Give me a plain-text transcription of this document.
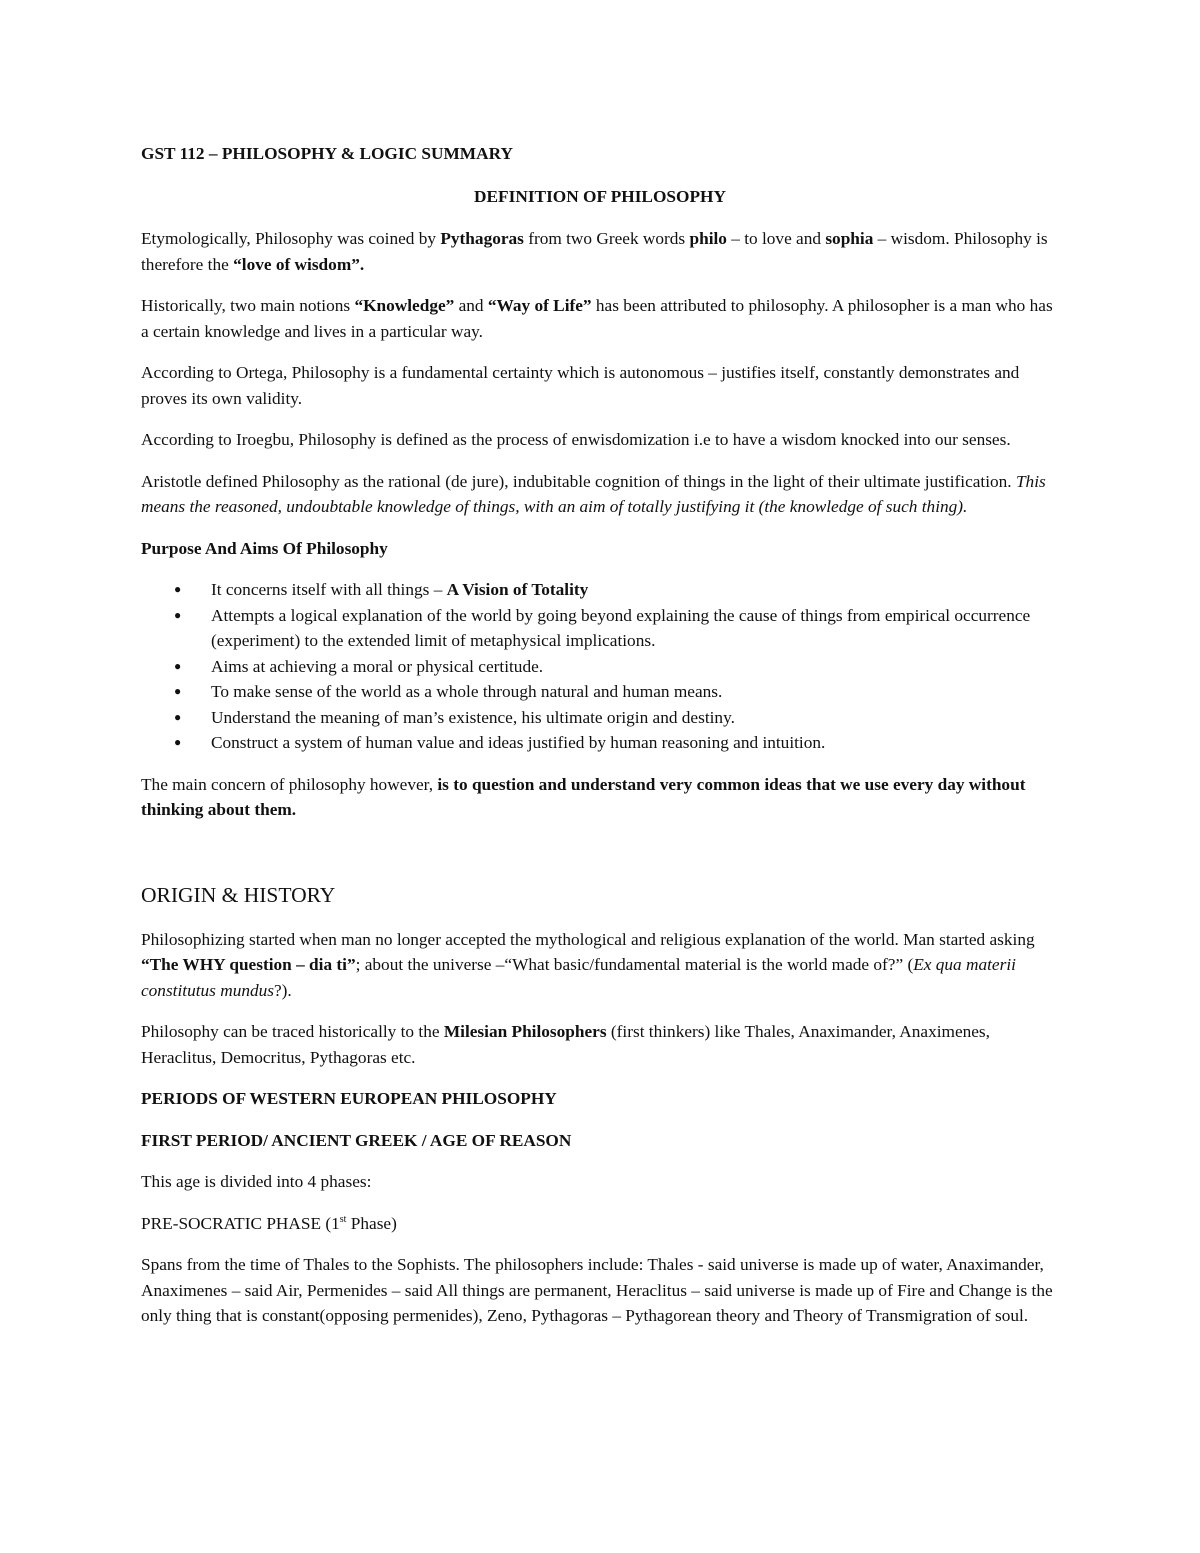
GST 112 – PHILOSOPHY & LOGIC SUMMARY

DEFINITION OF PHILOSOPHY

Etymologically, Philosophy was coined by Pythagoras from two Greek words philo – to love and sophia – wisdom. Philosophy is therefore the “love of wisdom”.

Historically, two main notions “Knowledge” and “Way of Life” has been attributed to philosophy. A philosopher is a man who has a certain knowledge and lives in a particular way.

According to Ortega, Philosophy is a fundamental certainty which is autonomous – justifies itself, constantly demonstrates and proves its own validity.

According to Iroegbu, Philosophy is defined as the process of enwisdomization i.e to have a wisdom knocked into our senses.

Aristotle defined Philosophy as the rational (de jure), indubitable cognition of things in the light of their ultimate justification. This means the reasoned, undoubtable knowledge of things, with an aim of totally justifying it (the knowledge of such thing).

Purpose And Aims Of Philosophy

● It concerns itself with all things – A Vision of Totality
● Attempts a logical explanation of the world by going beyond explaining the cause of things from empirical occurrence (experiment) to the extended limit of metaphysical implications.
● Aims at achieving a moral or physical certitude.
● To make sense of the world as a whole through natural and human means.
● Understand the meaning of man’s existence, his ultimate origin and destiny.
● Construct a system of human value and ideas justified by human reasoning and intuition.

The main concern of philosophy however, is to question and understand very common ideas that we use every day without thinking about them.

ORIGIN & HISTORY

Philosophizing started when man no longer accepted the mythological and religious explanation of the world. Man started asking “The WHY question – dia ti”; about the universe –“What basic/fundamental material is the world made of?” (Ex qua materii constitutus mundus?).

Philosophy can be traced historically to the Milesian Philosophers (first thinkers) like Thales, Anaximander, Anaximenes, Heraclitus, Democritus, Pythagoras etc.

PERIODS OF WESTERN EUROPEAN PHILOSOPHY

FIRST PERIOD/ ANCIENT GREEK / AGE OF REASON

This age is divided into 4 phases:

PRE-SOCRATIC PHASE (1st Phase)

Spans from the time of Thales to the Sophists. The philosophers include: Thales - said universe is made up of water, Anaximander, Anaximenes – said Air, Permenides – said All things are permanent, Heraclitus – said universe is made up of Fire and Change is the only thing that is constant(opposing permenides), Zeno, Pythagoras – Pythagorean theory and Theory of Transmigration of soul.
